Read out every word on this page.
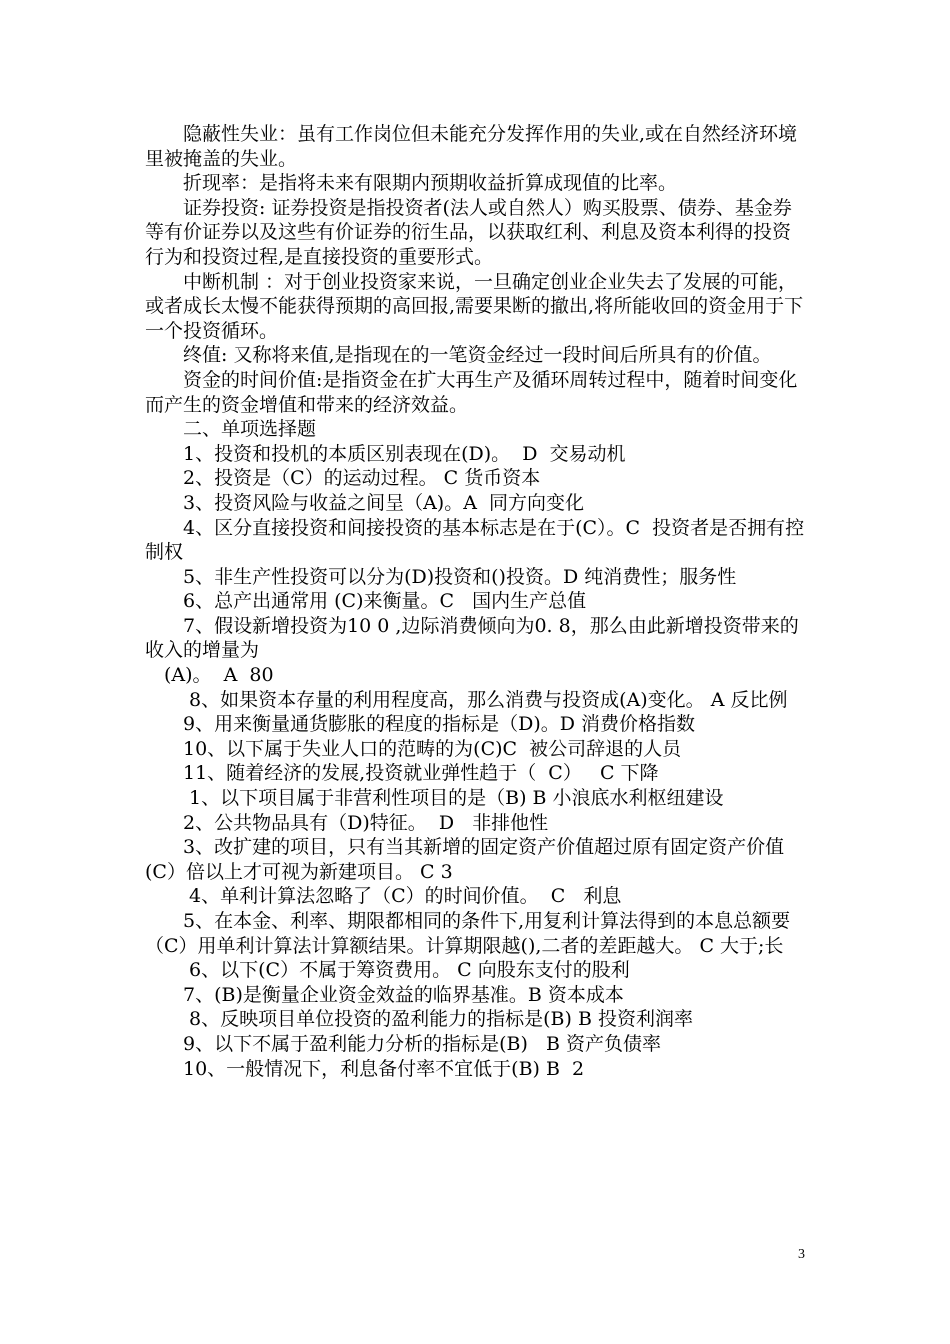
隐蔽性失业：虽有工作岗位但未能充分发挥作用的失业,或在自然经济环境里被掩盖的失业。

折现率：是指将未来有限期内预期收益折算成现值的比率。

证券投资: 证券投资是指投资者(法人或自然人）购买股票、债券、基金券等有价证券以及这些有价证券的衍生品，以获取红利、利息及资本利得的投资行为和投资过程,是直接投资的重要形式。

中断机制 ：对于创业投资家来说，一旦确定创业企业失去了发展的可能，或者成长太慢不能获得预期的高回报,需要果断的撤出,将所能收回的资金用于下一个投资循环。

终值: 又称将来值,是指现在的一笔资金经过一段时间后所具有的价值。

资金的时间价值:是指资金在扩大再生产及循环周转过程中，随着时间变化而产生的资金增值和带来的经济效益。

二、单项选择题

1、投资和投机的本质区别表现在(D)。  D  交易动机

2、投资是（C）的运动过程。 C 货币资本

3、投资风险与收益之间呈（A)。A  同方向变化

4、区分直接投资和间接投资的基本标志是在于(C）。C  投资者是否拥有控制权

5、非生产性投资可以分为(D)投资和()投资。D 纯消费性；服务性

6、总产出通常用 (C)来衡量。C   国内生产总值

7、假设新增投资为10 0 ,边际消费倾向为0. 8，那么由此新增投资带来的收入的增量为

(A)。  A  80

8、如果资本存量的利用程度高，那么消费与投资成(A)变化。 A 反比例

9、用来衡量通货膨胀的程度的指标是（D)。D 消费价格指数

10、以下属于失业人口的范畴的为(C)C  被公司辞退的人员

11、随着经济的发展,投资就业弹性趋于（  C）   C 下降

1、以下项目属于非营利性项目的是（B) B 小浪底水利枢纽建设

2、公共物品具有（D)特征。  D   非排他性

3、改扩建的项目，只有当其新增的固定资产价值超过原有固定资产价值(C）倍以上才可视为新建项目。 C 3

4、单利计算法忽略了（C）的时间价值。  C   利息

5、在本金、利率、期限都相同的条件下,用复利计算法得到的本息总额要（C）用单利计算法计算额结果。计算期限越(),二者的差距越大。 C 大于;长

6、以下(C）不属于筹资费用。 C 向股东支付的股利

7、(B)是衡量企业资金效益的临界基准。B 资本成本

8、反映项目单位投资的盈利能力的指标是(B) B 投资利润率

9、以下不属于盈利能力分析的指标是(B)   B 资产负债率

10、一般情况下，利息备付率不宜低于(B) B  2

3
